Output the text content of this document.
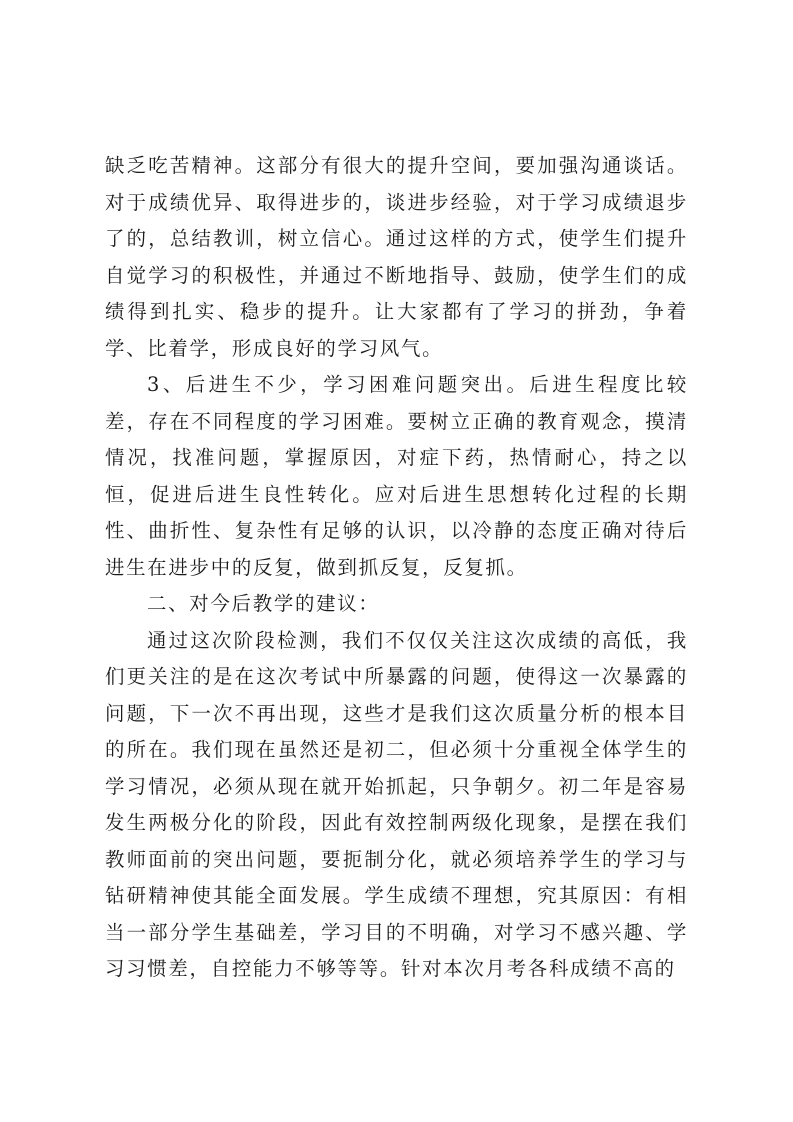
缺乏吃苦精神。这部分有很大的提升空间，要加强沟通谈话。对于成绩优异、取得进步的，谈进步经验，对于学习成绩退步了的，总结教训，树立信心。通过这样的方式，使学生们提升自觉学习的积极性，并通过不断地指导、鼓励，使学生们的成绩得到扎实、稳步的提升。让大家都有了学习的拼劲，争着学、比着学，形成良好的学习风气。

3、后进生不少，学习困难问题突出。后进生程度比较差，存在不同程度的学习困难。要树立正确的教育观念，摸清情况，找准问题，掌握原因，对症下药，热情耐心，持之以恒，促进后进生良性转化。应对后进生思想转化过程的长期性、曲折性、复杂性有足够的认识，以冷静的态度正确对待后进生在进步中的反复，做到抓反复，反复抓。

二、对今后教学的建议：

通过这次阶段检测，我们不仅仅关注这次成绩的高低，我们更关注的是在这次考试中所暴露的问题，使得这一次暴露的问题，下一次不再出现，这些才是我们这次质量分析的根本目的所在。我们现在虽然还是初二，但必须十分重视全体学生的学习情况，必须从现在就开始抓起，只争朝夕。初二年是容易发生两极分化的阶段，因此有效控制两级化现象，是摆在我们教师面前的突出问题，要扼制分化，就必须培养学生的学习与钻研精神使其能全面发展。学生成绩不理想，究其原因：有相当一部分学生基础差，学习目的不明确，对学习不感兴趣、学习习惯差，自控能力不够等等。针对本次月考各科成绩不高的
